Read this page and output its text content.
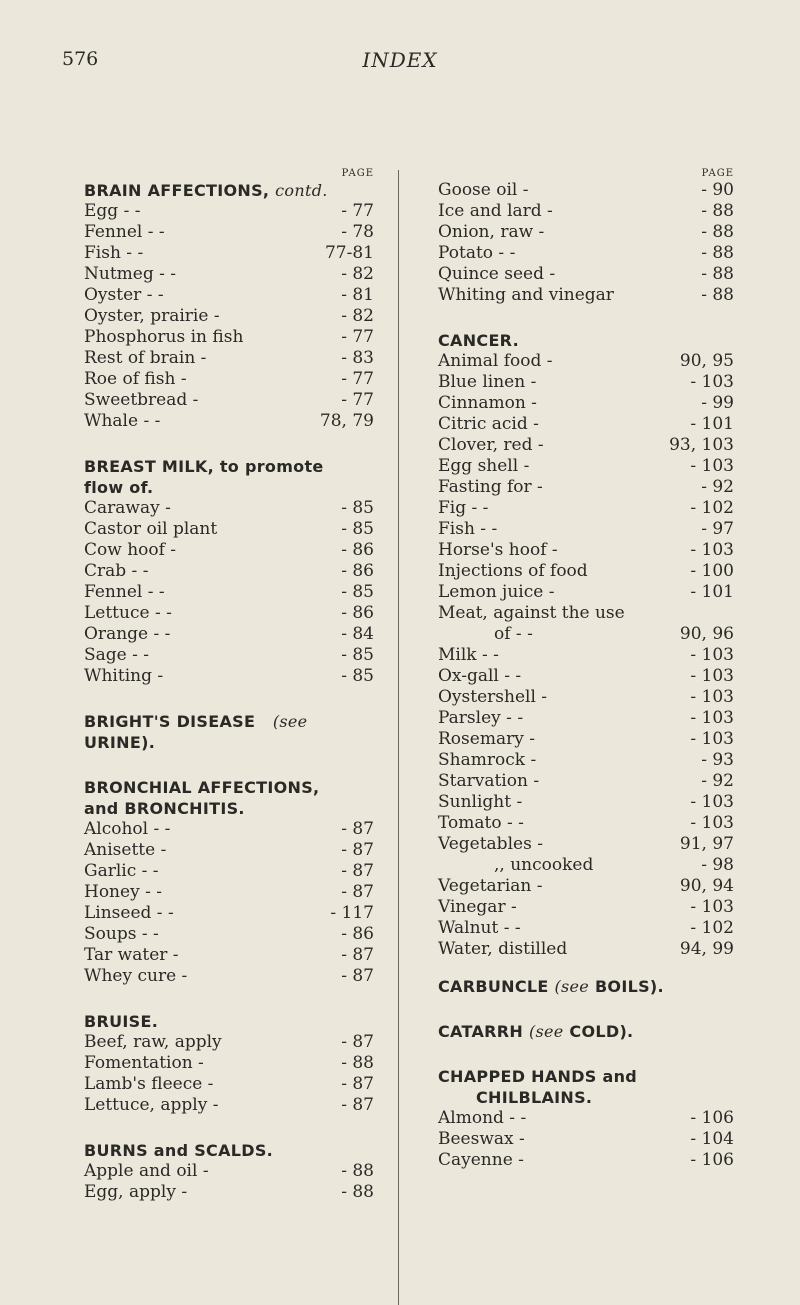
576	INDEX
PAGE
BRAIN AFFECTIONS, contd.
Egg - -	- 77
Fennel - -	- 78
Fish - -	77-81
Nutmeg - -	- 82
Oyster - -	- 81
Oyster, prairie -	- 82
Phosphorus in fish	- 77
Rest of brain -	- 83
Roe of fish -	- 77
Sweetbread -	- 77
Whale - -	78, 79
BREAST MILK, to promote
flow of.
Caraway -	- 85
Castor oil plant	- 85
Cow hoof -	- 86
Crab - -	- 86
Fennel - -	- 85
Lettuce - -	- 86
Orange - -	- 84
Sage - -	- 85
Whiting -	- 85
BRIGHT'S DISEASE (see
URINE).
BRONCHIAL AFFECTIONS,
and BRONCHITIS.
Alcohol - -	- 87
Anisette -	- 87
Garlic - -	- 87
Honey - -	- 87
Linseed - -	- 117
Soups - -	- 86
Tar water -	- 87
Whey cure -	- 87
BRUISE.
Beef, raw, apply	- 87
Fomentation -	- 88
Lamb's fleece -	- 87
Lettuce, apply -	- 87
BURNS and SCALDS.
Apple and oil -	- 88
Egg, apply -	- 88
PAGE
Goose oil -	- 90
Ice and lard -	- 88
Onion, raw -	- 88
Potato - -	- 88
Quince seed -	- 88
Whiting and vinegar	- 88
CANCER.
Animal food -	90, 95
Blue linen -	- 103
Cinnamon -	- 99
Citric acid -	- 101
Clover, red -	93, 103
Egg shell -	- 103
Fasting for -	- 92
Fig - -	- 102
Fish - -	- 97
Horse's hoof -	- 103
Injections of food	- 100
Lemon juice -	- 101
Meat, against the use
of - -	90, 96
Milk - -	- 103
Ox-gall - -	- 103
Oystershell -	- 103
Parsley - -	- 103
Rosemary -	- 103
Shamrock -	- 93
Starvation -	- 92
Sunlight -	- 103
Tomato - -	- 103
Vegetables -	91, 97
,, uncooked	- 98
Vegetarian -	90, 94
Vinegar -	- 103
Walnut - -	- 102
Water, distilled	94, 99
CARBUNCLE (see BOILS).
CATARRH (see COLD).
CHAPPED HANDS and
CHILBLAINS.
Almond - -	- 106
Beeswax -	- 104
Cayenne -	- 106
